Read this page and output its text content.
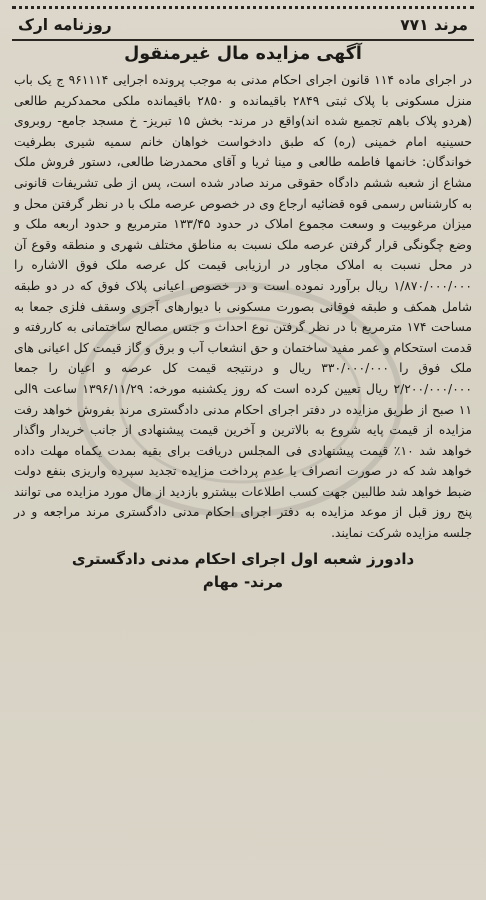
مرند ۷۷۱
روزنامه ارک
آگهی مزایده مال غیرمنقول

در اجرای ماده ۱۱۴ قانون اجرای احکام مدنی به موجب پرونده اجرایی ۹۶۱۱۱۴ ج یک باب منزل مسکونی با پلاک ثبتی ۲۸۴۹ باقیمانده و ۲۸۵۰ باقیمانده ملکی محمدکریم طالعی (هردو پلاک باهم تجمیع شده اند)واقع در مرند- بخش ۱۵ تبریز- خ مسجد جامع- روبروی حسینیه امام خمینی (ره) که طبق دادخواست خواهان خانم سمیه شیری بطرفیت خواندگان: خانمها فاطمه طالعی و مینا ثریا و آقای محمدرضا طالعی، دستور فروش ملک مشاع از شعبه ششم دادگاه حقوقی مرند صادر شده است، پس از طی تشریفات قانونی به کارشناس رسمی قوه قضائیه ارجاع وی در خصوص عرصه ملک با در نظر گرفتن محل و میزان مرغوبیت و وسعت مجموع املاک در حدود ۱۳۳/۴۵ مترمربع و حدود اربعه ملک و وضع چگونگی قرار گرفتن عرصه ملک نسبت به مناطق مختلف شهری و منطقه وقوع آن در محل نسبت به املاک مجاور در ارزیابی قیمت کل عرصه ملک فوق الاشاره را ۱/۸۷۰/۰۰۰/۰۰۰ ریال برآورد نموده است و در خصوص اعیانی پلاک فوق که در دو طبقه شامل همکف و طبقه فوقانی بصورت مسکونی با دیوارهای آجری وسقف فلزی جمعا به مساحت ۱۷۴ مترمربع با در نظر گرفتن نوع احداث و جنس مصالح ساختمانی به کاررفته و قدمت استحکام و عمر مفید ساختمان و حق انشعاب آب و برق و گاز قیمت کل اعیانی های ملک فوق را ۳۳۰/۰۰۰/۰۰۰ ریال و درنتیجه قیمت کل عرصه و اعیان را جمعا ۲/۲۰۰/۰۰۰/۰۰۰ ریال تعیین کرده است که روز یکشنبه مورخه: ۱۳۹۶/۱۱/۲۹ ساعت ۹الی ۱۱ صبح از طریق مزایده در دفتر اجرای احکام مدنی دادگستری مرند بفروش خواهد رفت مزایده از قیمت پایه شروع به بالاترین و آخرین قیمت پیشنهادی از جانب خریدار واگذار خواهد شد ۱۰٪ قیمت پیشنهادی فی المجلس دریافت برای بقیه بمدت یکماه مهلت داده خواهد شد که در صورت انصراف یا عدم پرداخت مزایده تجدید سپرده واریزی بنفع دولت ضبط خواهد شد طالبین جهت کسب اطلاعات بیشترو بازدید از مال مورد مزایده می توانند پنج روز قبل از موعد مزایده به دفتر اجرای احکام مدنی دادگستری مرند مراجعه و در جلسه مزایده شرکت نمایند.

دادورز شعبه اول اجرای احکام مدنی دادگستری
مرند- مهام
